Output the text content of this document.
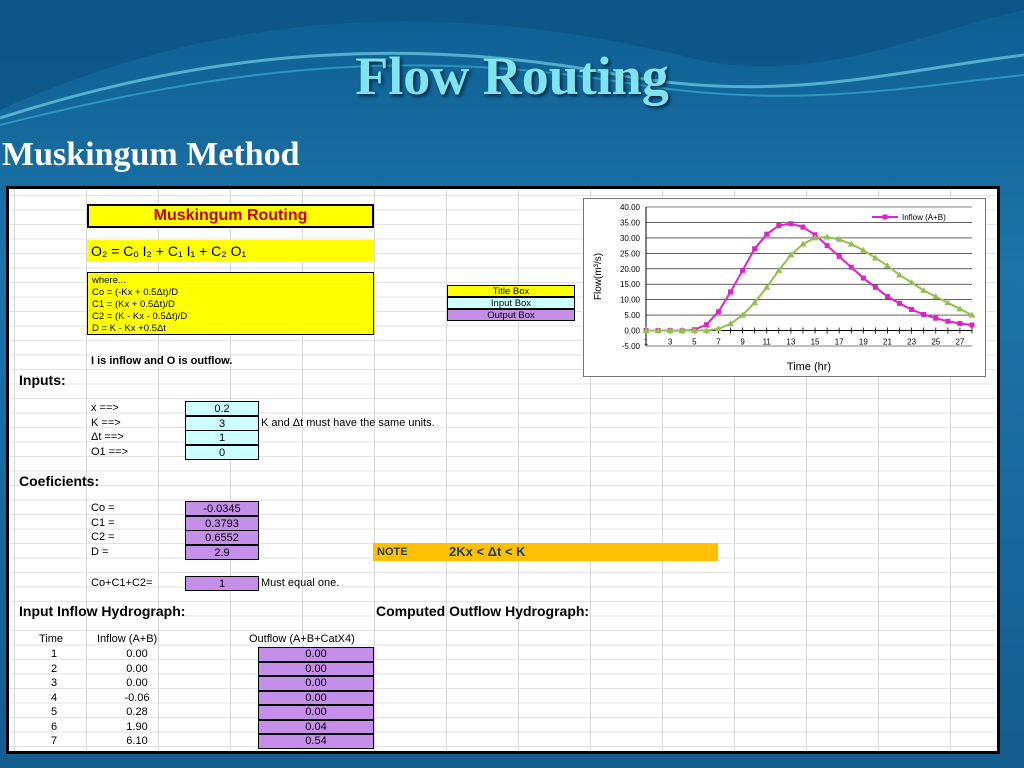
Flow Routing
Muskingum Method
Muskingum Routing
O₂ = Cₒ I₂ + C₁ I₁ + C₂ O₁
where...
Co = (-Kx + 0.5Δt)/D
C1 = (Kx + 0.5Δt)/D
C2 = (K - Kx - 0.5Δt)/D
D = K - Kx +0.5Δt
Title Box
Input Box
Output Box
I is inflow and O is outflow.
Inputs:
x ==>	0.2
K ==>	3	K and Δt must have the same units.
Δt ==>	1
O1 ==>	0
Coeficients:
Co =	-0.0345
C1 =	0.3793
C2 =	0.6552
D =	2.9	NOTE	2Kx < Δt < K
Co+C1+C2=	1	Must equal one.
Input Inflow Hydrograph:	Computed Outflow Hydrograph:
Time	Inflow (A+B)	Outflow (A+B+CatX4)
1	0.00	0.00
2	0.00	0.00
3	0.00	0.00
4	-0.06	0.00
5	0.28	0.00
6	1.90	0.04
7	6.10	0.54
40.00
35.00
30.00
25.00
20.00
15.00
10.00
5.00
0.00
-5.00 1 3 5 7 9 11 13 15 17 19 21 23 25 27
Time (hr)
Flow(m³/s)
Inflow (A+B)
